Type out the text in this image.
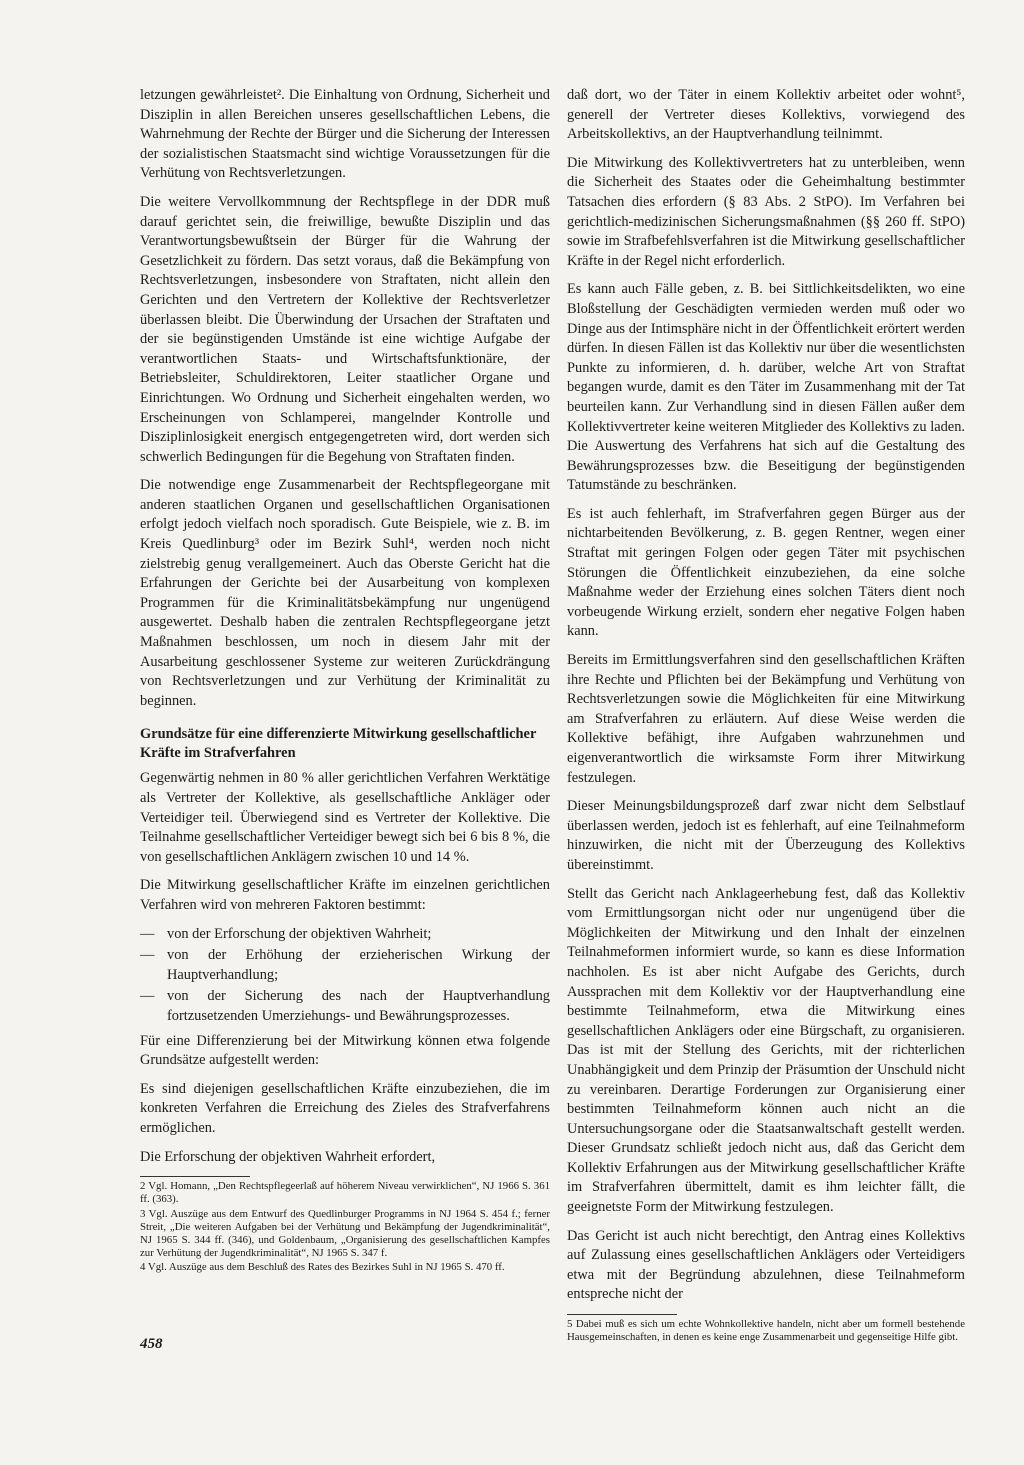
letzungen gewährleistet². Die Einhaltung von Ordnung, Sicherheit und Disziplin in allen Bereichen unseres gesellschaftlichen Lebens, die Wahrnehmung der Rechte der Bürger und die Sicherung der Interessen der sozialistischen Staatsmacht sind wichtige Voraussetzungen für die Verhütung von Rechtsverletzungen.

Die weitere Vervollkommnung der Rechtspflege in der DDR muß darauf gerichtet sein, die freiwillige, bewußte Disziplin und das Verantwortungsbewußtsein der Bürger für die Wahrung der Gesetzlichkeit zu fördern. Das setzt voraus, daß die Bekämpfung von Rechtsverletzungen, insbesondere von Straftaten, nicht allein den Gerichten und den Vertretern der Kollektive der Rechtsverletzer überlassen bleibt. Die Überwindung der Ursachen der Straftaten und der sie begünstigenden Umstände ist eine wichtige Aufgabe der verantwortlichen Staats- und Wirtschaftsfunktionäre, der Betriebsleiter, Schuldirektoren, Leiter staatlicher Organe und Einrichtungen. Wo Ordnung und Sicherheit eingehalten werden, wo Erscheinungen von Schlamperei, mangelnder Kontrolle und Disziplinlosigkeit energisch entgegengetreten wird, dort werden sich schwerlich Bedingungen für die Begehung von Straftaten finden.

Die notwendige enge Zusammenarbeit der Rechtspflegeorgane mit anderen staatlichen Organen und gesellschaftlichen Organisationen erfolgt jedoch vielfach noch sporadisch. Gute Beispiele, wie z. B. im Kreis Quedlinburg³ oder im Bezirk Suhl⁴, werden noch nicht zielstrebig genug verallgemeinert. Auch das Oberste Gericht hat die Erfahrungen der Gerichte bei der Ausarbeitung von komplexen Programmen für die Kriminalitätsbekämpfung nur ungenügend ausgewertet. Deshalb haben die zentralen Rechtspflegeorgane jetzt Maßnahmen beschlossen, um noch in diesem Jahr mit der Ausarbeitung geschlossener Systeme zur weiteren Zurückdrängung von Rechtsverletzungen und zur Verhütung der Kriminalität zu beginnen.

Grundsätze für eine differenzierte Mitwirkung gesellschaftlicher Kräfte im Strafverfahren

Gegenwärtig nehmen in 80 % aller gerichtlichen Verfahren Werktätige als Vertreter der Kollektive, als gesellschaftliche Ankläger oder Verteidiger teil. Überwiegend sind es Vertreter der Kollektive. Die Teilnahme gesellschaftlicher Verteidiger bewegt sich bei 6 bis 8 %, die von gesellschaftlichen Anklägern zwischen 10 und 14 %.

Die Mitwirkung gesellschaftlicher Kräfte im einzelnen gerichtlichen Verfahren wird von mehreren Faktoren bestimmt:

— von der Erforschung der objektiven Wahrheit;
— von der Erhöhung der erzieherischen Wirkung der Hauptverhandlung;
— von der Sicherung des nach der Hauptverhandlung fortzusetzenden Umerziehungs- und Bewährungsprozesses.

Für eine Differenzierung bei der Mitwirkung können etwa folgende Grundsätze aufgestellt werden:

Es sind diejenigen gesellschaftlichen Kräfte einzubeziehen, die im konkreten Verfahren die Erreichung des Zieles des Strafverfahrens ermöglichen.

Die Erforschung der objektiven Wahrheit erfordert,

2 Vgl. Homann, „Den Rechtspflegeerlaß auf höherem Niveau verwirklichen“, NJ 1966 S. 361 ff. (363).

3 Vgl. Auszüge aus dem Entwurf des Quedlinburger Programms in NJ 1964 S. 454 f.; ferner Streit, „Die weiteren Aufgaben bei der Verhütung und Bekämpfung der Jugendkriminalität“, NJ 1965 S. 344 ff. (346), und Goldenbaum, „Organisierung des gesellschaftlichen Kampfes zur Verhütung der Jugendkriminalität“, NJ 1965 S. 347 f.

4 Vgl. Auszüge aus dem Beschluß des Rates des Bezirkes Suhl in NJ 1965 S. 470 ff.

daß dort, wo der Täter in einem Kollektiv arbeitet oder wohnt⁵, generell der Vertreter dieses Kollektivs, vorwiegend des Arbeitskollektivs, an der Hauptverhandlung teilnimmt.

Die Mitwirkung des Kollektivvertreters hat zu unterbleiben, wenn die Sicherheit des Staates oder die Geheimhaltung bestimmter Tatsachen dies erfordern (§ 83 Abs. 2 StPO). Im Verfahren bei gerichtlich-medizinischen Sicherungsmaßnahmen (§§ 260 ff. StPO) sowie im Strafbefehlsverfahren ist die Mitwirkung gesellschaftlicher Kräfte in der Regel nicht erforderlich.

Es kann auch Fälle geben, z. B. bei Sittlichkeitsdelikten, wo eine Bloßstellung der Geschädigten vermieden werden muß oder wo Dinge aus der Intimsphäre nicht in der Öffentlichkeit erörtert werden dürfen. In diesen Fällen ist das Kollektiv nur über die wesentlichsten Punkte zu informieren, d. h. darüber, welche Art von Straftat begangen wurde, damit es den Täter im Zusammenhang mit der Tat beurteilen kann. Zur Verhandlung sind in diesen Fällen außer dem Kollektivvertreter keine weiteren Mitglieder des Kollektivs zu laden. Die Auswertung des Verfahrens hat sich auf die Gestaltung des Bewährungsprozesses bzw. die Beseitigung der begünstigenden Tatumstände zu beschränken.

Es ist auch fehlerhaft, im Strafverfahren gegen Bürger aus der nichtarbeitenden Bevölkerung, z. B. gegen Rentner, wegen einer Straftat mit geringen Folgen oder gegen Täter mit psychischen Störungen die Öffentlichkeit einzubeziehen, da eine solche Maßnahme weder der Erziehung eines solchen Täters dient noch vorbeugende Wirkung erzielt, sondern eher negative Folgen haben kann.

Bereits im Ermittlungsverfahren sind den gesellschaftlichen Kräften ihre Rechte und Pflichten bei der Bekämpfung und Verhütung von Rechtsverletzungen sowie die Möglichkeiten für eine Mitwirkung am Strafverfahren zu erläutern. Auf diese Weise werden die Kollektive befähigt, ihre Aufgaben wahrzunehmen und eigenverantwortlich die wirksamste Form ihrer Mitwirkung festzulegen.

Dieser Meinungsbildungsprozeß darf zwar nicht dem Selbstlauf überlassen werden, jedoch ist es fehlerhaft, auf eine Teilnahmeform hinzuwirken, die nicht mit der Überzeugung des Kollektivs übereinstimmt.

Stellt das Gericht nach Anklageerhebung fest, daß das Kollektiv vom Ermittlungsorgan nicht oder nur ungenügend über die Möglichkeiten der Mitwirkung und den Inhalt der einzelnen Teilnahmeformen informiert wurde, so kann es diese Information nachholen. Es ist aber nicht Aufgabe des Gerichts, durch Aussprachen mit dem Kollektiv vor der Hauptverhandlung eine bestimmte Teilnahmeform, etwa die Mitwirkung eines gesellschaftlichen Anklägers oder eine Bürgschaft, zu organisieren. Das ist mit der Stellung des Gerichts, mit der richterlichen Unabhängigkeit und dem Prinzip der Präsumtion der Unschuld nicht zu vereinbaren. Derartige Forderungen zur Organisierung einer bestimmten Teilnahmeform können auch nicht an die Untersuchungsorgane oder die Staatsanwaltschaft gestellt werden. Dieser Grundsatz schließt jedoch nicht aus, daß das Gericht dem Kollektiv Erfahrungen aus der Mitwirkung gesellschaftlicher Kräfte im Strafverfahren übermittelt, damit es ihm leichter fällt, die geeignetste Form der Mitwirkung festzulegen.

Das Gericht ist auch nicht berechtigt, den Antrag eines Kollektivs auf Zulassung eines gesellschaftlichen Anklägers oder Verteidigers etwa mit der Begründung abzulehnen, diese Teilnahmeform entspreche nicht der

5 Dabei muß es sich um echte Wohnkollektive handeln, nicht aber um formell bestehende Hausgemeinschaften, in denen es keine enge Zusammenarbeit und gegenseitige Hilfe gibt.

458
